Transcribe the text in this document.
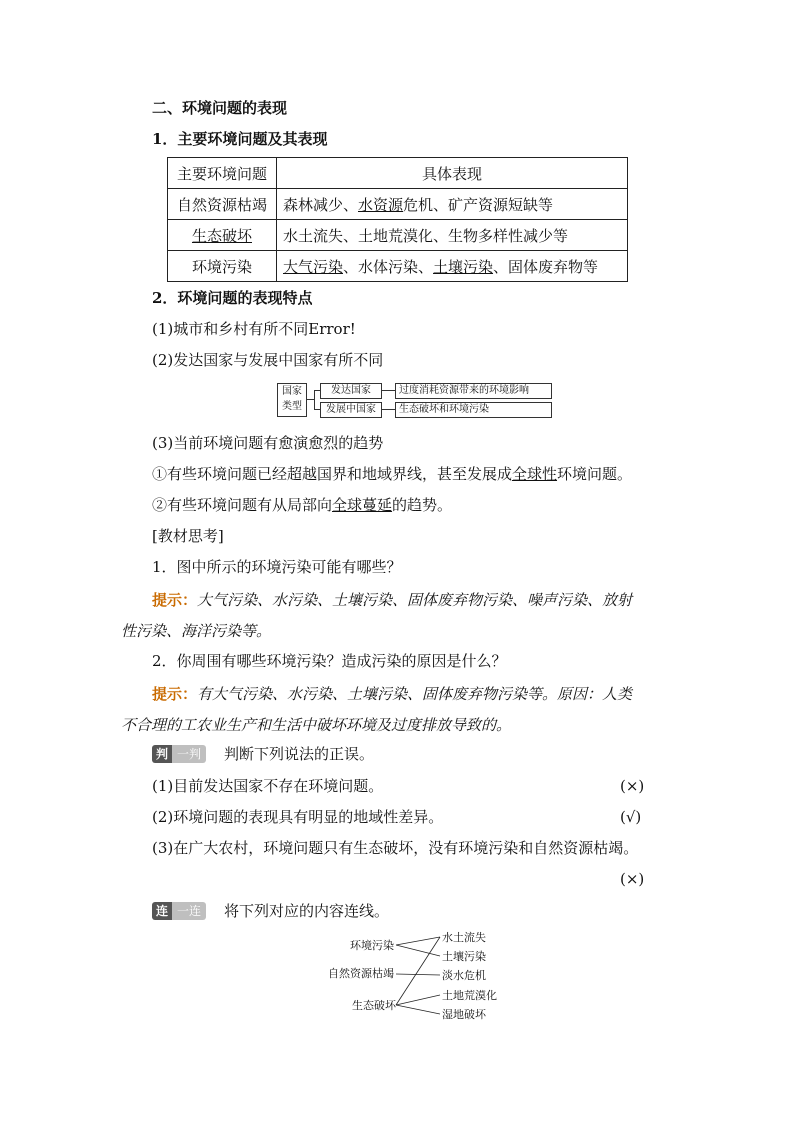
二、环境问题的表现
1．主要环境问题及其表现
主要环境问题	具体表现
自然资源枯竭	森林减少、水资源危机、矿产资源短缺等
生态破坏	水土流失、土地荒漠化、生物多样性减少等
环境污染	大气污染、水体污染、土壤污染、固体废弃物等
2．环境问题的表现特点
(1)城市和乡村有所不同Error!
(2)发达国家与发展中国家有所不同
国家
类型
发达国家
发展中国家
过度消耗资源带来的环境影响
生态破坏和环境污染
(3)当前环境问题有愈演愈烈的趋势
①有些环境问题已经超越国界和地域界线，甚至发展成全球性环境问题。
②有些环境问题有从局部向全球蔓延的趋势。
[教材思考]
1．图中所示的环境污染可能有哪些？
提示：大气污染、水污染、土壤污染、固体废弃物污染、噪声污染、放射
性污染、海洋污染等。
2．你周围有哪些环境污染？造成污染的原因是什么？
提示：有大气污染、水污染、土壤污染、固体废弃物污染等。原因：人类
不合理的工农业生产和生活中破坏环境及过度排放导致的。
判 一判	判断下列说法的正误。
(1)目前发达国家不存在环境问题。	(×)
(2)环境问题的表现具有明显的地域性差异。	(√)
(3)在广大农村，环境问题只有生态破坏，没有环境污染和自然资源枯竭。
(×)
连 一连	将下列对应的内容连线。
环境污染
自然资源枯竭
生态破坏
水土流失
土壤污染
淡水危机
土地荒漠化
湿地破坏
